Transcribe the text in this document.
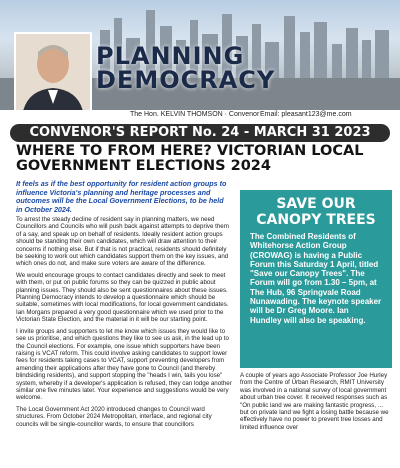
PLANNING
DEMOCRACY
The Hon. KELVIN THOMSON · Convenor Email: pleasant123@me.com
CONVENOR'S REPORT No. 24 - MARCH 31 2023
WHERE TO FROM HERE? VICTORIAN LOCAL GOVERNMENT ELECTIONS 2024
It feels as if the best opportunity for resident action groups to influence Victoria's planning and heritage processes and outcomes will be the Local Government Elections, to be held in October 2024.

To arrest the steady decline of resident say in planning matters, we need Councillors and Councils who will push back against attempts to deprive them of a say, and speak up on behalf of residents. Ideally resident action groups should be standing their own candidates, which will draw attention to their concerns if nothing else. But if that is not practical, residents should definitely be seeking to work out which candidates support them on the key issues, and which ones do not, and make sure voters are aware of the difference.

We would encourage groups to contact candidates directly and seek to meet with them, or put on public forums so they can be quizzed in public about planning issues. They should also be sent questionnaires about these issues. Planning Democracy intends to develop a questionnaire which should be suitable, sometimes with local modifications, for local government candidates. Ian Morgans prepared a very good questionnaire which we used prior to the Victorian State Election, and the material in it will be our starting point.

I invite groups and supporters to let me know which issues they would like to see us prioritise, and which questions they like to see us ask, in the lead up to the Council elections. For example, one issue which supporters have been raising is VCAT reform. This could involve asking candidates to support lower fees for residents taking cases to VCAT, support preventing developers from amending their applications after they have gone to Council (and thereby blindsiding residents), and support stopping the "heads I win, tails you lose" system, whereby if a developer's application is refused, they can lodge another similar one five minutes later. Your experience and suggestions would be very welcome.

The Local Government Act 2020 introduced changes to Council ward structures. From October 2024 Metropolitan, interface, and regional city councils will be single-councillor wards, to ensure that councillors

SAVE OUR
CANOPY TREES
The Combined Residents of Whitehorse Action Group (CROWAG) is having a Public Forum this Saturday 1 April, titled "Save our Canopy Trees". The Forum will go from 1.30 – 5pm, at The Hub, 96 Springvale Road Nunawading. The keynote speaker will be Dr Greg Moore. Ian Hundley will also be speaking.
A couple of years ago Associate Professor Joe Hurley from the Centre of Urban Research, RMIT University was involved in a national survey of local government about urban tree cover. It received responses such as "On public land we are making fantastic progress, … but on private land we fight a losing battle because we effectively have no power to prevent tree losses and limited influence over
